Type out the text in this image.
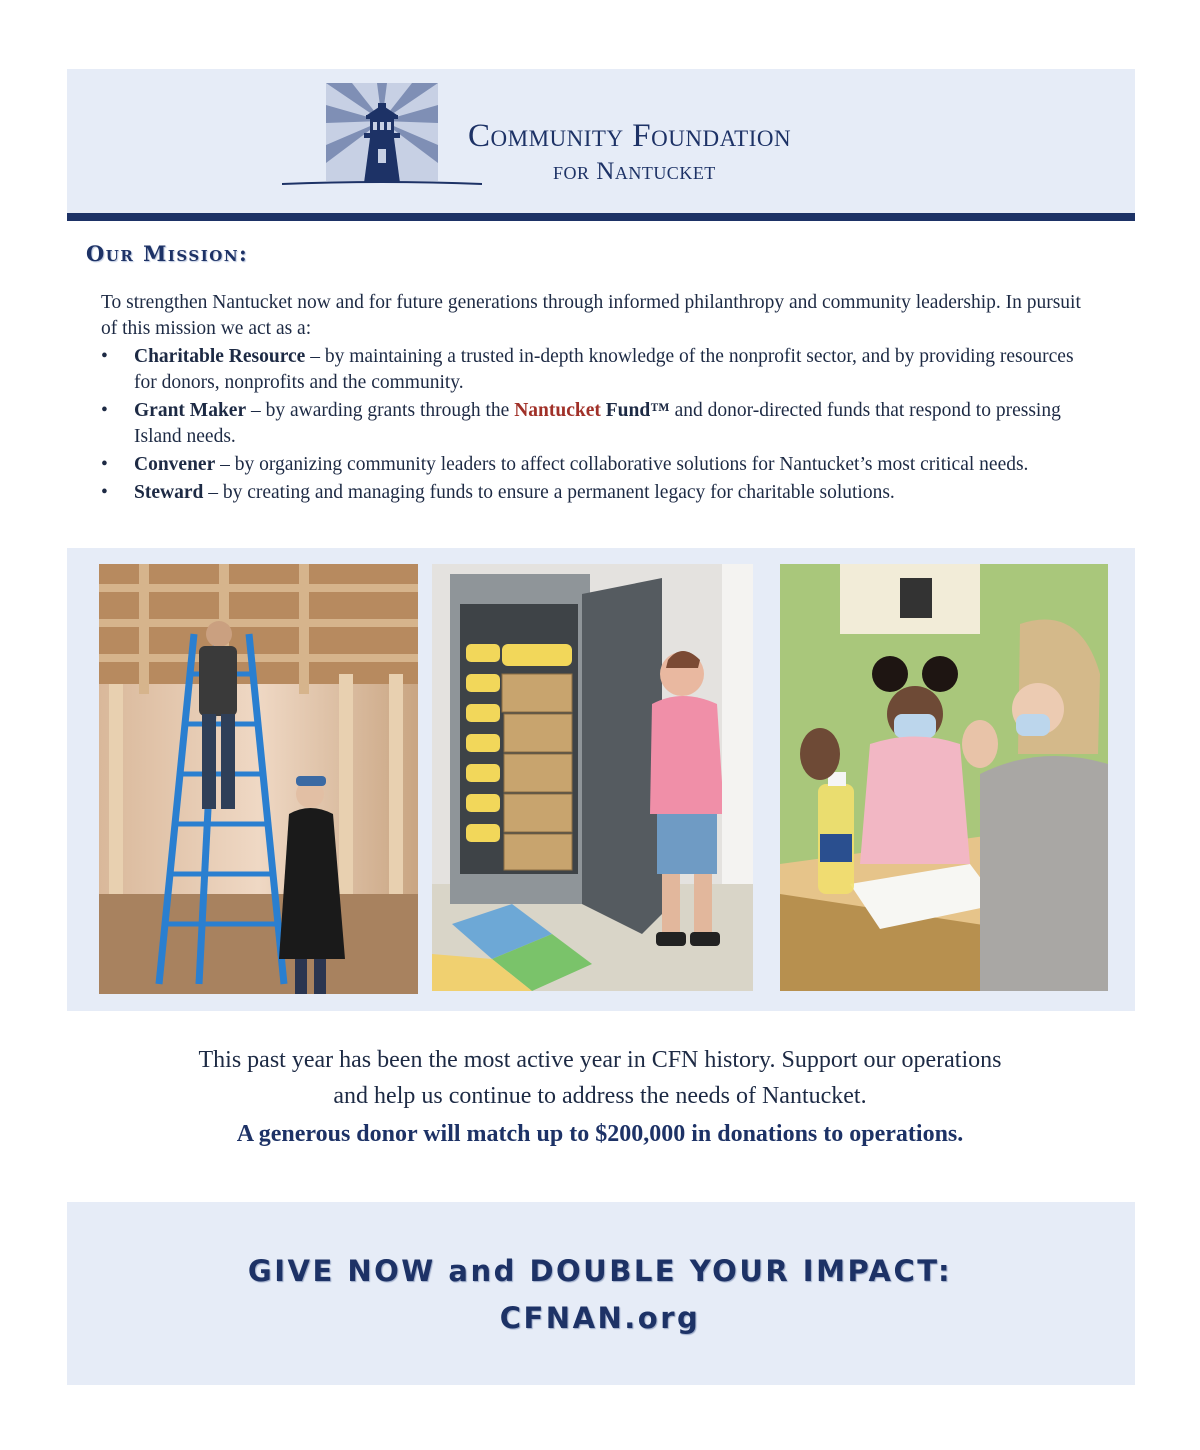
Community Foundation
for Nantucket
Our Mission:

To strengthen Nantucket now and for future generations through informed philanthropy and community leadership. In pursuit of this mission we act as a:

• Charitable Resource – by maintaining a trusted in-depth knowledge of the nonprofit sector, and by providing resources for donors, nonprofits and the community.
• Grant Maker – by awarding grants through the Nantucket Fund™ and donor-directed funds that respond to pressing Island needs.
• Convener – by organizing community leaders to affect collaborative solutions for Nantucket’s most critical needs.
• Steward – by creating and managing funds to ensure a permanent legacy for charitable solutions.
This past year has been the most active year in CFN history. Support our operations
and help us continue to address the needs of Nantucket.
A generous donor will match up to $200,000 in donations to operations.
GIVE NOW and DOUBLE YOUR IMPACT:
CFNAN.org
